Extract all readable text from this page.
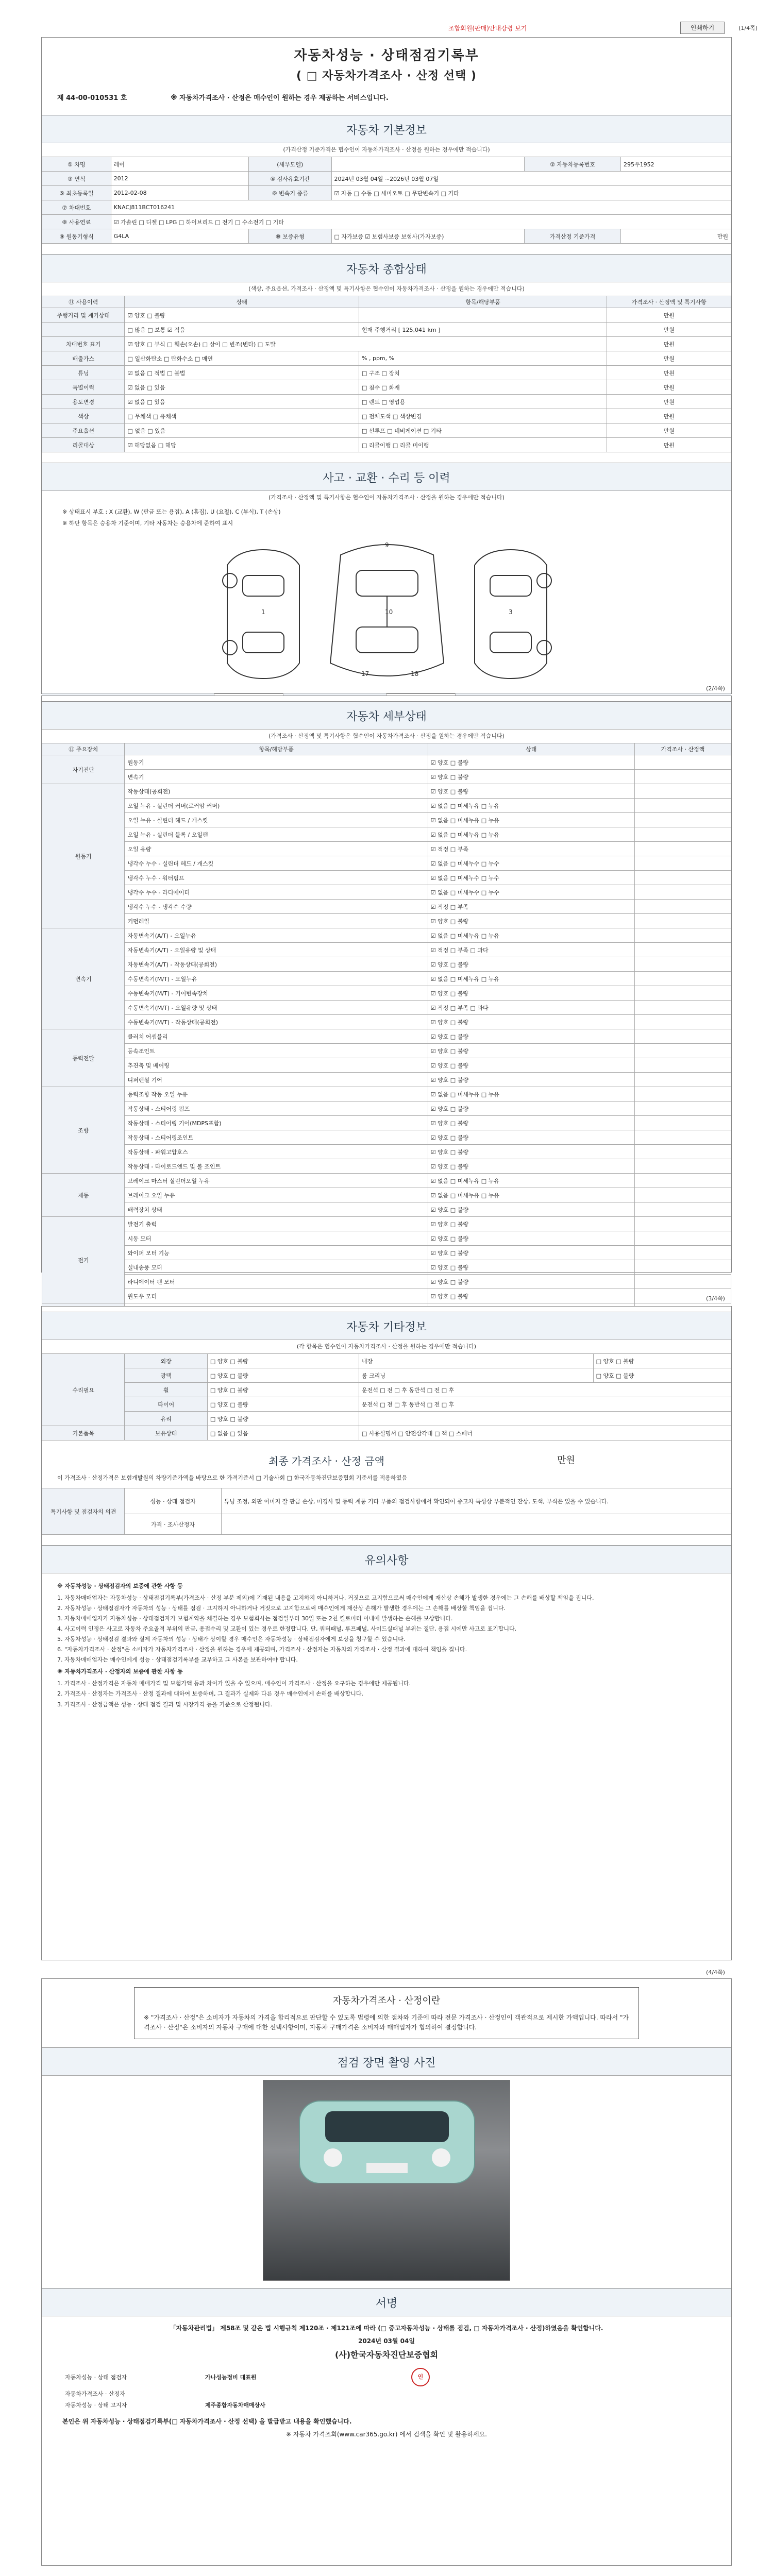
조합회원(판매)안내강령 보기	인쇄하기	(1/4쪽)
자동차성능 · 상태점검기록부
( □ 자동차가격조사 · 산정 선택 )
제 44-00-010531 호	※ 자동차가격조사 · 산정은 매수인이 원하는 경우 제공하는 서비스입니다.
자동차 기본정보
(가격산정 기준가격은 협수인이 자동차가격조사 · 산정을 원하는 경우에만 적습니다)
① 차명	레이	(세부모델)		② 자동차등록번호	295우1952
③ 연식	2012	④ 검사유효기간	2024년 03월 04일 ~2026년 03월 07일		
⑤ 최초등록일	2012-02-08	⑥ 변속기 종류	☑ 자동 □ 수동 □ 세미오토 □ 무단변속기 □ 기타		
⑦ 차대번호	KNACJ811BCT016241				
⑧ 사용연료	☑ 가솔린 □ 디젤 □ LPG □ 하이브리드 □ 전기 □ 수소전기 □ 기타				
⑨ 원동기형식	G4LA	⑩ 보증유형	□ 자가보증 ☑ 보험사보증 보험사(가자보증)	가격산정 기준가격	만원
자동차 종합상태
(색상, 주요옵션, 가격조사 · 산정액 및 특기사항은 협수인이 자동차가격조사 · 산정을 원하는 경우에만 적습니다)
⑪ 사용이력	상태	항목/해당부품	가격조사 · 산정액 및 특기사항
주행거리 및 계기상태	☑ 양호 □ 불량		만원
	□ 많음 □ 보통 ☑ 적음	현재 주행거리 [ 125,041 km ]	만원
차대번호 표기	☑ 양호 □ 부식 □ 훼손(오손) □ 상이 □ 변조(변타) □ 도말		만원
배출가스	□ 일산화탄소 □ 탄화수소 □ 매연	% , ppm, %	만원
튜닝	☑ 없음 □ 적법 □ 불법	□ 구조 □ 장치	만원
특별이력	☑ 없음 □ 있음	□ 침수 □ 화재	만원
용도변경	☑ 없음 □ 있음	□ 렌트 □ 영업용	만원
색상	□ 무채색 □ 유채색	□ 전체도색 □ 색상변경	만원
주요옵션	□ 없음 □ 있음	□ 선루프 □ 네비게이션 □ 기타	만원
리콜대상	☑ 해당없음 □ 해당	□ 리콜이행 □ 리콜 미이행	만원
사고 · 교환 · 수리 등 이력
(가격조사 · 산정액 및 특기사항은 협수인이 자동차가격조사 · 산정을 원하는 경우에만 적습니다)
※ 상태표시 부호 : X (교환), W (판금 또는 용접), A (흠집), U (요철), C (부식), T (손상)
※ 하단 항목은 승용차 기준이며, 기타 자동차는 승용차에 준하여 표시
1
9
10	3
17	18

(2/4쪽)
자동차 세부상태
(가격조사 · 산정액 및 특기사항은 협수인이 자동차가격조사 · 산정을 원하는 경우에만 적습니다)
⑬ 주요장치	항목/해당부품	상태	가격조사 · 산정액
자기진단	원동기	☑ 양호 □ 불량	
	변속기	☑ 양호 □ 불량	
원동기	작동상태(공회전)	☑ 양호 □ 불량	
	오일 누유 - 실린더 커버(로커암 커버)	☑ 없음 □ 미세누유 □ 누유	
	오일 누유 - 실린더 헤드 / 개스킷	☑ 없음 □ 미세누유 □ 누유	
	오일 누유 - 실린더 블록 / 오일팬	☑ 없음 □ 미세누유 □ 누유	
	오일 유량	☑ 적정 □ 부족	
	냉각수 누수 - 실린더 헤드 / 개스킷	☑ 없음 □ 미세누수 □ 누수	
	냉각수 누수 - 워터펌프	☑ 없음 □ 미세누수 □ 누수	
	냉각수 누수 - 라디에이터	☑ 없음 □ 미세누수 □ 누수	
	냉각수 누수 - 냉각수 수량	☑ 적정 □ 부족	
	커먼레일	☑ 양호 □ 불량	
변속기	자동변속기(A/T) - 오일누유	☑ 없음 □ 미세누유 □ 누유	
	자동변속기(A/T) - 오일유량 및 상태	☑ 적정 □ 부족 □ 과다	
	자동변속기(A/T) - 작동상태(공회전)	☑ 양호 □ 불량	
	수동변속기(M/T) - 오일누유	☑ 없음 □ 미세누유 □ 누유	
	수동변속기(M/T) - 기어변속장치	☑ 양호 □ 불량	
	수동변속기(M/T) - 오일유량 및 상태	☑ 적정 □ 부족 □ 과다	
	수동변속기(M/T) - 작동상태(공회전)	☑ 양호 □ 불량	
동력전달	클러치 어셈블리	☑ 양호 □ 불량	
	등속조인트	☑ 양호 □ 불량	
	추진축 및 베어링	☑ 양호 □ 불량	
	디퍼렌셜 기어	☑ 양호 □ 불량	
조향	동력조향 작동 오일 누유	☑ 없음 □ 미세누유 □ 누유	
	작동상태 - 스티어링 펌프	☑ 양호 □ 불량	
	작동상태 - 스티어링 기어(MDPS포함)	☑ 양호 □ 불량	
	작동상태 - 스티어링조인트	☑ 양호 □ 불량	
	작동상태 - 파워고압호스	☑ 양호 □ 불량	
	작동상태 - 타이로드엔드 및 볼 조인트	☑ 양호 □ 불량	
제동	브레이크 마스터 실린더오일 누유	☑ 없음 □ 미세누유 □ 누유	
	브레이크 오일 누유	☑ 없음 □ 미세누유 □ 누유	
	배력장치 상태	☑ 양호 □ 불량	
전기	발전기 출력	☑ 양호 □ 불량	
	시동 모터	☑ 양호 □ 불량	
	와이퍼 모터 기능	☑ 양호 □ 불량	
	실내송풍 모터	☑ 양호 □ 불량	
	라디에이터 팬 모터	☑ 양호 □ 불량	
	윈도우 모터	☑ 양호 □ 불량	

				(3/4쪽)
자동차 기타정보
(각 항목은 협수인이 자동차가격조사 · 산정을 원하는 경우에만 적습니다)
수리필요	외장	□ 양호 □ 불량	내장	□ 양호 □ 불량
	광택	□ 양호 □ 불량	룸 크리닝	□ 양호 □ 불량
	휠	□ 양호 □ 불량	운전석 □ 전 □ 후 동반석 □ 전 □ 후	
	타이어	□ 양호 □ 불량	운전석 □ 전 □ 후 동반석 □ 전 □ 후	
	유리	□ 양호 □ 불량		
기본품목	보유상태	□ 없음 □ 있음	□ 사용설명서 □ 안전삼각대 □ 잭 □ 스패너	
최종 가격조사 · 산정 금액	만원
이 가격조사 · 산정가격은 보험개발원의 차량기준가액을 바탕으로 한 가격기준서 □ 기술사회 □ 한국자동차진단보증협회 기준서를 적용하였음
특기사항 및 점검자의 의견	성능 · 상태 점검자	튜닝 조정, 외판 이미지 잘 판금 손상, 미경사 및 동력 계통 기타 부품의 점검사항에서 확인되어 중고차 특성상 부분적인 잔상, 도색, 부식은 있을 수 있습니다.
	가격 · 조사산정자	
유의사항

※ 자동차성능 · 상태점검자의 보증에 관한 사항 등

1. 자동차매매업자는 자동차성능 · 상태점검기록부(가격조사 · 산정 부분 제외)에 기재된 내용을 고지하지 아니하거나, 거짓으로 고지함으로써 매수인에게 재산상 손해가 발생한 경우에는 그 손해를 배상할 책임을 집니다.

2. 자동차성능 · 상태점검자가 자동차의 성능 · 상태를 점검 · 고지하지 아니하거나 거짓으로 고지함으로써 매수인에게 재산상 손해가 발생한 경우에는 그 손해를 배상할 책임을 집니다.

3. 자동차매매업자가 자동차성능 · 상태점검자가 보험계약을 체결하는 경우 보험회사는 점검일부터 30일 또는 2천 킬로미터 이내에 발생하는 손해를 보상합니다.

4. 사고이력 인정은 사고로 자동차 주요골격 부위의 판금, 용접수리 및 교환이 있는 경우로 한정합니다. 단, 쿼터패널, 루프패널, 사이드실패널 부위는 절단, 용접 시에만 사고로 표기합니다.

5. 자동차성능 · 상태점검 결과와 실제 자동차의 성능 · 상태가 상이할 경우 매수인은 자동차성능 · 상태점검자에게 보상을 청구할 수 있습니다.

6. "자동차가격조사 · 산정"은 소비자가 자동차가격조사 · 산정을 원하는 경우에 제공되며, 가격조사 · 산정자는 자동차의 가격조사 · 산정 결과에 대하여 책임을 집니다.

7. 자동차매매업자는 매수인에게 성능 · 상태점검기록부를 교부하고 그 사본을 보관하여야 합니다.

※ 자동차가격조사 · 산정자의 보증에 관한 사항 등

1. 가격조사 · 산정가격은 자동차 매매가격 및 보험가액 등과 차이가 있을 수 있으며, 매수인이 가격조사 · 산정을 요구하는 경우에만 제공됩니다.

2. 가격조사 · 산정자는 가격조사 · 산정 결과에 대하여 보증하며, 그 결과가 실제와 다른 경우 매수인에게 손해를 배상합니다.

3. 가격조사 · 산정금액은 성능 · 상태 점검 결과 및 시장가격 등을 기준으로 산정됩니다.

(4/4쪽)
자동차가격조사 · 산정이란
※ "가격조사 · 산정"은 소비자가 자동차의 가격을 합리적으로 판단할 수 있도록 법령에 의한 절차와 기준에 따라 전문 가격조사 · 산정인이 객관적으로 제시한 가액입니다. 따라서 "가격조사 · 산정"은 소비자의 자동차 구매에 대한 선택사항이며, 자동차 구매가격은 소비자와 매매업자가 협의하여 결정합니다.
점검 장면 촬영 사진
서명
「자동차관리법」 제58조 및 같은 법 시행규칙 제120조 · 제121조에 따라 (□ 중고자동차성능 · 상태를 점검, □ 자동차가격조사 · 산정)하였음을 확인합니다.
2024년 03월 04일
(사)한국자동차진단보증협회
자동차성능 · 상태 점검자	가나성능정비 대표원	인
자동차가격조사 · 산정자		
자동차성능 · 상태 고지자	제주종합자동차매매상사	
본인은 위 자동차성능 · 상태점검기록부(□ 자동차가격조사 · 산정 선택) 을 발급받고 내용을 확인했습니다.
※ 자동차 가격조회(www.car365.go.kr) 에서 검색을 확인 및 활용하세요.
